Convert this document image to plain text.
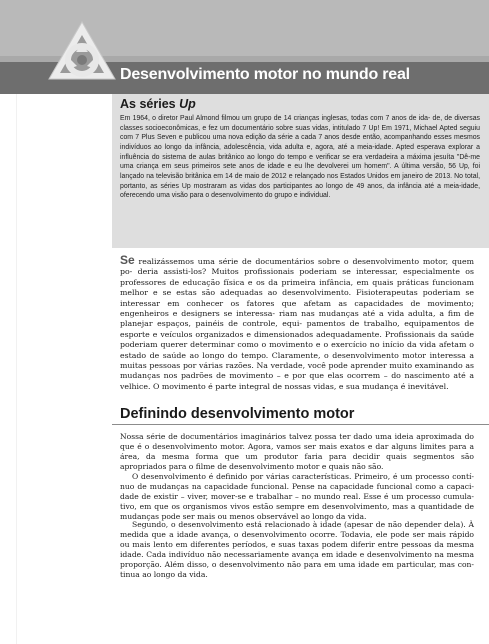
Desenvolvimento motor no mundo real
As séries Up

Em 1964, o diretor Paul Almond filmou um grupo de 14 crianças inglesas, todas com 7 anos de ida- de, de diversas classes socioeconômicas, e fez um documentário sobre suas vidas, intitulado 7 Up! Em 1971, Michael Apted seguiu com 7 Plus Seven e publicou uma nova edição da série a cada 7 anos desde então, acompanhando esses mesmos indivíduos ao longo da infância, adolescência, vida adulta e, agora, até a meia-idade. Apted esperava explorar a influência do sistema de aulas britânico ao longo do tempo e verificar se era verdadeira a máxima jesuíta "Dê-me uma criança em seus primeiros sete anos de idade e eu lhe devolverei um homem". A última versão, 56 Up, foi lançado na televisão britânica em 14 de maio de 2012 e relançado nos Estados Unidos em janeiro de 2013. No total, portanto, as séries Up mostraram as vidas dos participantes ao longo de 49 anos, da infância até a meia-idade, oferecendo uma visão para o desenvolvimento do grupo e individual.

Se realizássemos uma série de documentários sobre o desenvolvimento motor, quem po- deria assisti-los? Muitos profissionais poderiam se interessar, especialmente os professores de educação física e os da primeira infância, em quais práticas funcionam melhor e se estas são adequadas ao desenvolvimento. Fisioterapeutas poderiam se interessar em conhecer os fatores que afetam as capacidades de movimento; engenheiros e designers se interessa- riam nas mudanças até a vida adulta, a fim de planejar espaços, painéis de controle, equi- pamentos de trabalho, equipamentos de esporte e veículos organizados e dimensionados adequadamente. Profissionais da saúde poderiam querer determinar como o movimento e o exercício no início da vida afetam o estado de saúde ao longo do tempo. Claramente, o desenvolvimento motor interessa a muitas pessoas por várias razões. Na verdade, você pode aprender muito examinando as mudanças nos padrões de movimento – e por que elas ocorrem – do nascimento até a velhice. O movimento é parte integral de nossas vidas, e sua mudança é inevitável.

Definindo desenvolvimento motor

Nossa série de documentários imaginários talvez possa ter dado uma ideia aproximada do que é o desenvolvimento motor. Agora, vamos ser mais exatos e dar alguns limites para a área, da mesma forma que um produtor faria para decidir quais segmentos são apropriados para o filme de desenvolvimento motor e quais não são.

O desenvolvimento é definido por várias características. Primeiro, é um processo contí- nuo de mudanças na capacidade funcional. Pense na capacidade funcional como a capaci- dade de existir – viver, mover-se e trabalhar – no mundo real. Esse é um processo cumula- tivo, em que os organismos vivos estão sempre em desenvolvimento, mas a quantidade de mudanças pode ser mais ou menos observável ao longo da vida.

Segundo, o desenvolvimento está relacionado à idade (apesar de não depender dela). À medida que a idade avança, o desenvolvimento ocorre. Todavia, ele pode ser mais rápido ou mais lento em diferentes períodos, e suas taxas podem diferir entre pessoas da mesma idade. Cada indivíduo não necessariamente avança em idade e desenvolvimento na mesma proporção. Além disso, o desenvolvimento não para em uma idade em particular, mas con- tinua ao longo da vida.
